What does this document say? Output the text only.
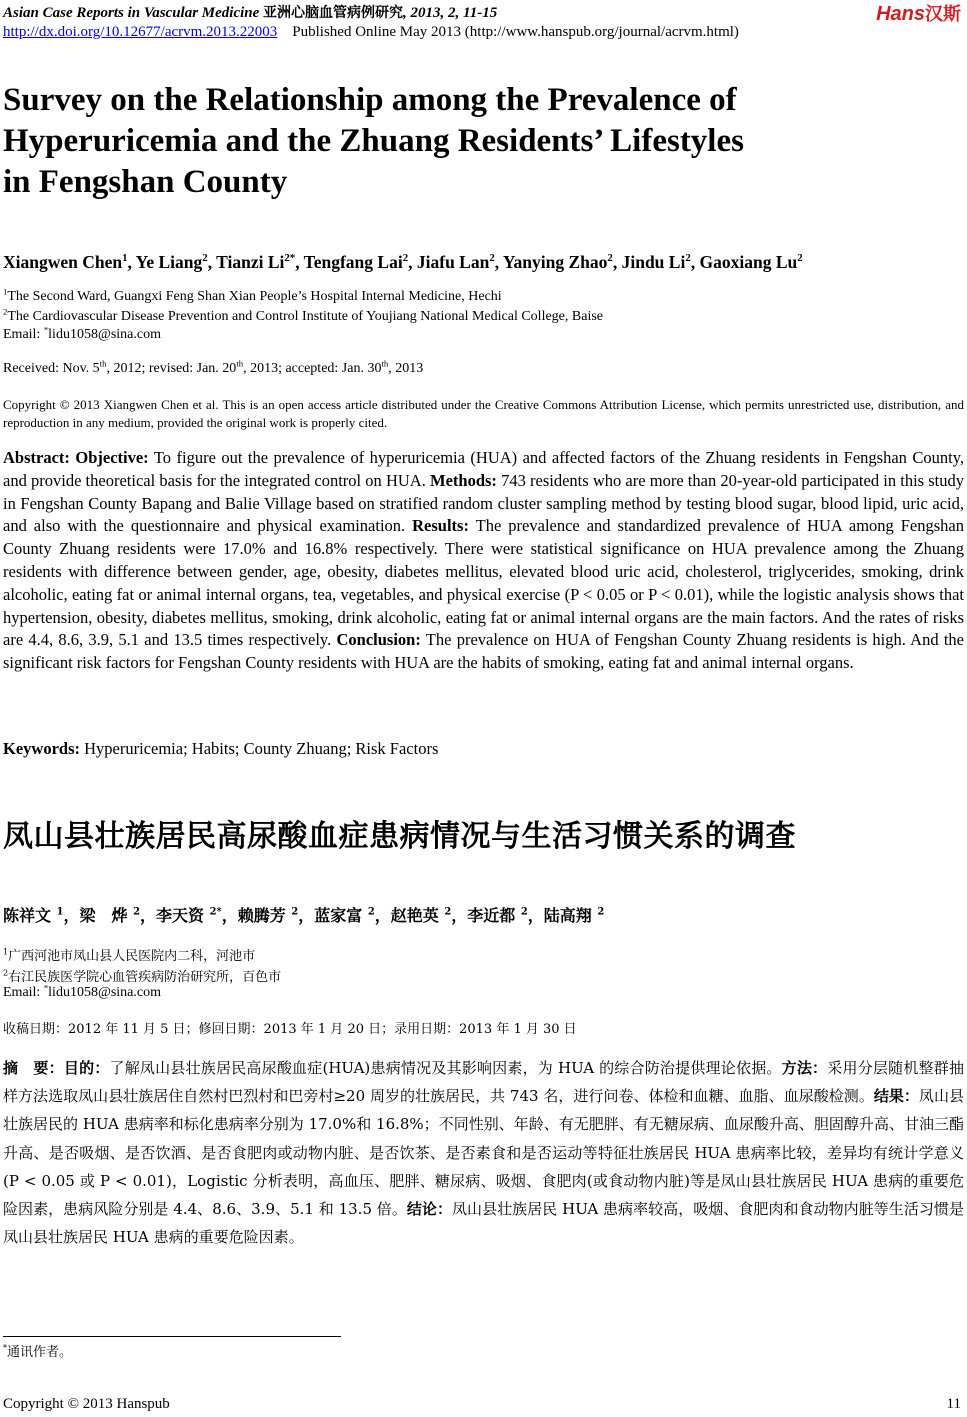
Asian Case Reports in Vascular Medicine 亚洲心脑血管病例研究, 2013, 2, 11-15	Hans汉斯
http://dx.doi.org/10.12677/acrvm.2013.22003 Published Online May 2013 (http://www.hanspub.org/journal/acrvm.html)
Survey on the Relationship among the Prevalence of
Hyperuricemia and the Zhuang Residents’ Lifestyles
in Fengshan County
Xiangwen Chen$^1$, Ye Liang$^2$, Tianzi $Li^{2*}$, Tengfang Lai$^2$, Jiafu Lan$^2$, Yanying Zhao$^2$, Jindu Li$^2$, Gaoxiang Lu$^2$
$^1$The Second Ward, Guangxi Feng Shan Xian People’s Hospital Internal Medicine, Hechi
$^2$The Cardiovascular Disease Prevention and Control Institute of Youjiang National Medical College, Baise
Email: *lidu1058@sina.com
Received: Nov. 5th, 2012; revised: Jan. 20th, 2013; accepted: Jan. 30th, 2013
Copyright © 2013 Xiangwen Chen et al. This is an open access article distributed under the Creative Commons Attribution License, which permits unrestricted use, distribution, and reproduction in any medium, provided the original work is properly cited.
Abstract: Objective: To figure out the prevalence of hyperuricemia (HUA) and affected factors of the Zhuang residents in Fengshan County, and provide theoretical basis for the integrated control on HUA. Methods: 743 residents who are more than 20-year-old participated in this study in Fengshan County Bapang and Balie Village based on stratified random cluster sampling method by testing blood sugar, blood lipid, uric acid, and also with the questionnaire and physical examination. Results: The prevalence and standardized prevalence of HUA among Fengshan County Zhuang residents were 17.0% and 16.8% respectively. There were statistical significance on HUA prevalence among the Zhuang residents with difference between gender, age, obesity, diabetes mellitus, elevated blood uric acid, cholesterol, triglycerides, smoking, drink alcoholic, eating fat or animal internal organs, tea, vegetables, and physical exercise (P < 0.05 or P < 0.01), while the logistic analysis shows that hypertension, obesity, diabetes mellitus, smoking, drink alcoholic, eating fat or animal internal organs are the main factors. And the rates of risks are 4.4, 8.6, 3.9, 5.1 and 13.5 times respectively. Conclusion: The prevalence on HUA of Fengshan County Zhuang residents is high. And the significant risk factors for Fengshan County residents with HUA are the habits of smoking, eating fat and animal internal organs.
Keywords: Hyperuricemia; Habits; County Zhuang; Risk Factors
凤山县壮族居民高尿酸血症患病情况与生活习惯关系的调查
陈祥文 $^1$，梁　烨 $^2$，李天资 $^{2*}$，赖腾芳 $^2$，蓝家富 $^2$，赵艳英 $^2$，李近都 $^2$，陆高翔 $^2$
$^1$广西河池市凤山县人民医院内二科，河池市
$^2$右江民族医学院心血管疾病防治研究所，百色市
Email: *lidu1058@sina.com
收稿日期：2012 年 11 月 5 日；修回日期：2013 年 1 月 20 日；录用日期：2013 年 1 月 30 日
摘　要：目的：了解凤山县壮族居民高尿酸血症(HUA)患病情况及其影响因素，为 HUA 的综合防治提供理论依据。方法：采用分层随机整群抽样方法选取凤山县壮族居住自然村巴烈村和巴旁村≥20 周岁的壮族居民，共 743 名，进行问卷、体检和血糖、血脂、血尿酸检测。结果：凤山县壮族居民的 HUA 患病率和标化患病率分别为 17.0%和 16.8%；不同性别、年龄、有无肥胖、有无糖尿病、血尿酸升高、胆固醇升高、甘油三酯升高、是否吸烟、是否饮酒、是否食肥肉或动物内脏、是否饮茶、是否素食和是否运动等特征壮族居民 HUA 患病率比较，差异均有统计学意义(P < 0.05 或 P < 0.01)，Logistic 分析表明，高血压、肥胖、糖尿病、吸烟、食肥肉(或食动物内脏)等是凤山县壮族居民 HUA 患病的重要危险因素，患病风险分别是 4.4、8.6、3.9、5.1 和 13.5 倍。结论：凤山县壮族居民 HUA 患病率较高，吸烟、食肥肉和食动物内脏等生活习惯是凤山县壮族居民 HUA 患病的重要危险因素。
*通讯作者。
Copyright © 2013 Hanspub	11
